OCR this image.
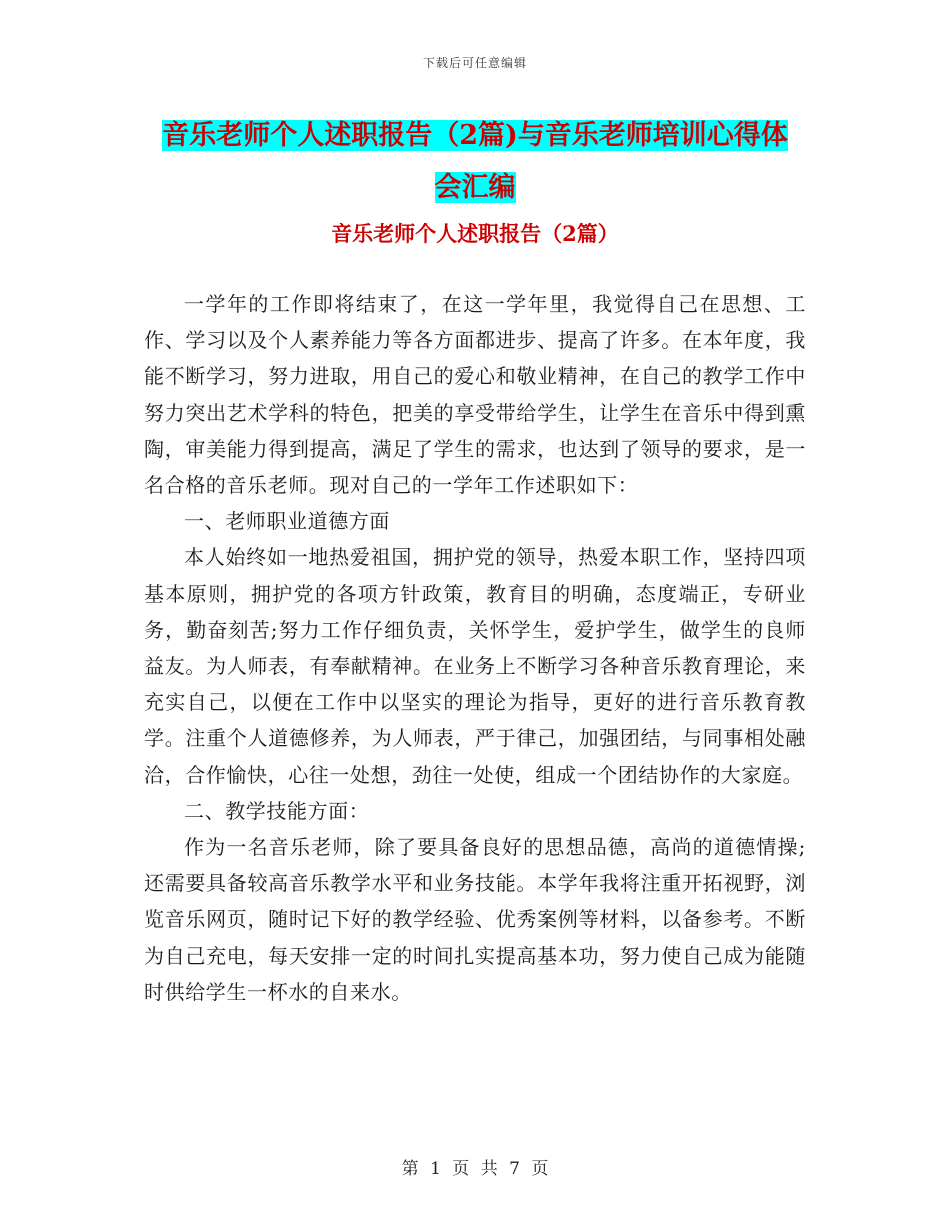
下载后可任意编辑
音乐老师个人述职报告（2篇)与音乐老师培训心得体
会汇编
音乐老师个人述职报告（2篇）

一学年的工作即将结束了，在这一学年里，我觉得自己在思想、工作、学习以及个人素养能力等各方面都进步、提高了许多。在本年度，我能不断学习，努力进取，用自己的爱心和敬业精神，在自己的教学工作中努力突出艺术学科的特色，把美的享受带给学生，让学生在音乐中得到熏陶，审美能力得到提高，满足了学生的需求，也达到了领导的要求，是一名合格的音乐老师。现对自己的一学年工作述职如下：

一、老师职业道德方面

本人始终如一地热爱祖国，拥护党的领导，热爱本职工作，坚持四项基本原则，拥护党的各项方针政策，教育目的明确，态度端正，专研业务，勤奋刻苦;努力工作仔细负责，关怀学生，爱护学生，做学生的良师益友。为人师表，有奉献精神。在业务上不断学习各种音乐教育理论，来充实自己，以便在工作中以坚实的理论为指导，更好的进行音乐教育教学。注重个人道德修养，为人师表，严于律己，加强团结，与同事相处融洽，合作愉快，心往一处想，劲往一处使，组成一个团结协作的大家庭。

二、教学技能方面：

作为一名音乐老师，除了要具备良好的思想品德，高尚的道德情操;还需要具备较高音乐教学水平和业务技能。本学年我将注重开拓视野，浏览音乐网页，随时记下好的教学经验、优秀案例等材料，以备参考。不断为自己充电，每天安排一定的时间扎实提高基本功，努力使自己成为能随时供给学生一杯水的自来水。

第 1 页 共 7 页
